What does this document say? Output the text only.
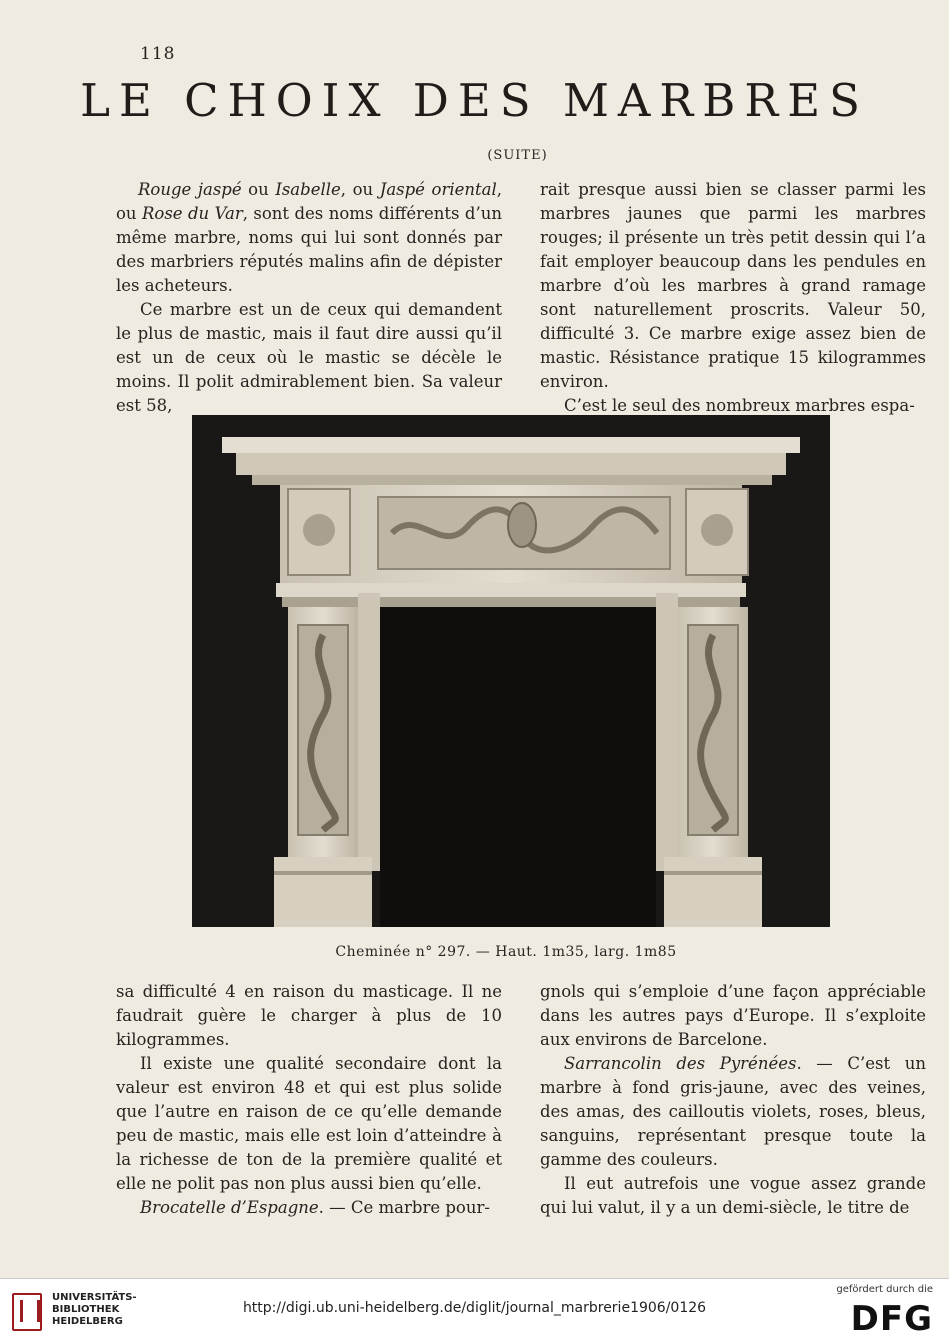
118
LE CHOIX DES MARBRES
(SUITE)

Rouge jaspé ou Isabelle, ou Jaspé oriental, ou Rose du Var, sont des noms différents d’un même marbre, noms qui lui sont donnés par des marbriers réputés malins afin de dépister les acheteurs.

Ce marbre est un de ceux qui demandent le plus de mastic, mais il faut dire aussi qu’il est un de ceux où le mastic se décèle le moins. Il polit admirablement bien. Sa valeur est 58,

rait presque aussi bien se classer parmi les marbres jaunes que parmi les marbres rouges; il présente un très petit dessin qui l’a fait employer beaucoup dans les pendules en marbre d’où les marbres à grand ramage sont naturellement proscrits. Valeur 50, difficulté 3. Ce marbre exige assez bien de mastic. Résistance pratique 15 kilogrammes environ.

C’est le seul des nombreux marbres espa-

Cheminée n° 297. — Haut. 1m35, larg. 1m85

sa difficulté 4 en raison du masticage. Il ne faudrait guère le charger à plus de 10 kilogrammes.

Il existe une qualité secondaire dont la valeur est environ 48 et qui est plus solide que l’autre en raison de ce qu’elle demande peu de mastic, mais elle est loin d’atteindre à la richesse de ton de la première qualité et elle ne polit pas non plus aussi bien qu’elle.

Brocatelle d’Espagne. — Ce marbre pour-

gnols qui s’emploie d’une façon appréciable dans les autres pays d’Europe. Il s’exploite aux environs de Barcelone.

Sarrancolin des Pyrénées. — C’est un marbre à fond gris-jaune, avec des veines, des amas, des cailloutis violets, roses, bleus, sanguins, représentant presque toute la gamme des couleurs.

Il eut autrefois une vogue assez grande qui lui valut, il y a un demi-siècle, le titre de

UNIVERSITÄTS-
BIBLIOTHEK
HEIDELBERG
http://digi.ub.uni-heidelberg.de/diglit/journal_marbrerie1906/0126
gefördert durch die
DFG
